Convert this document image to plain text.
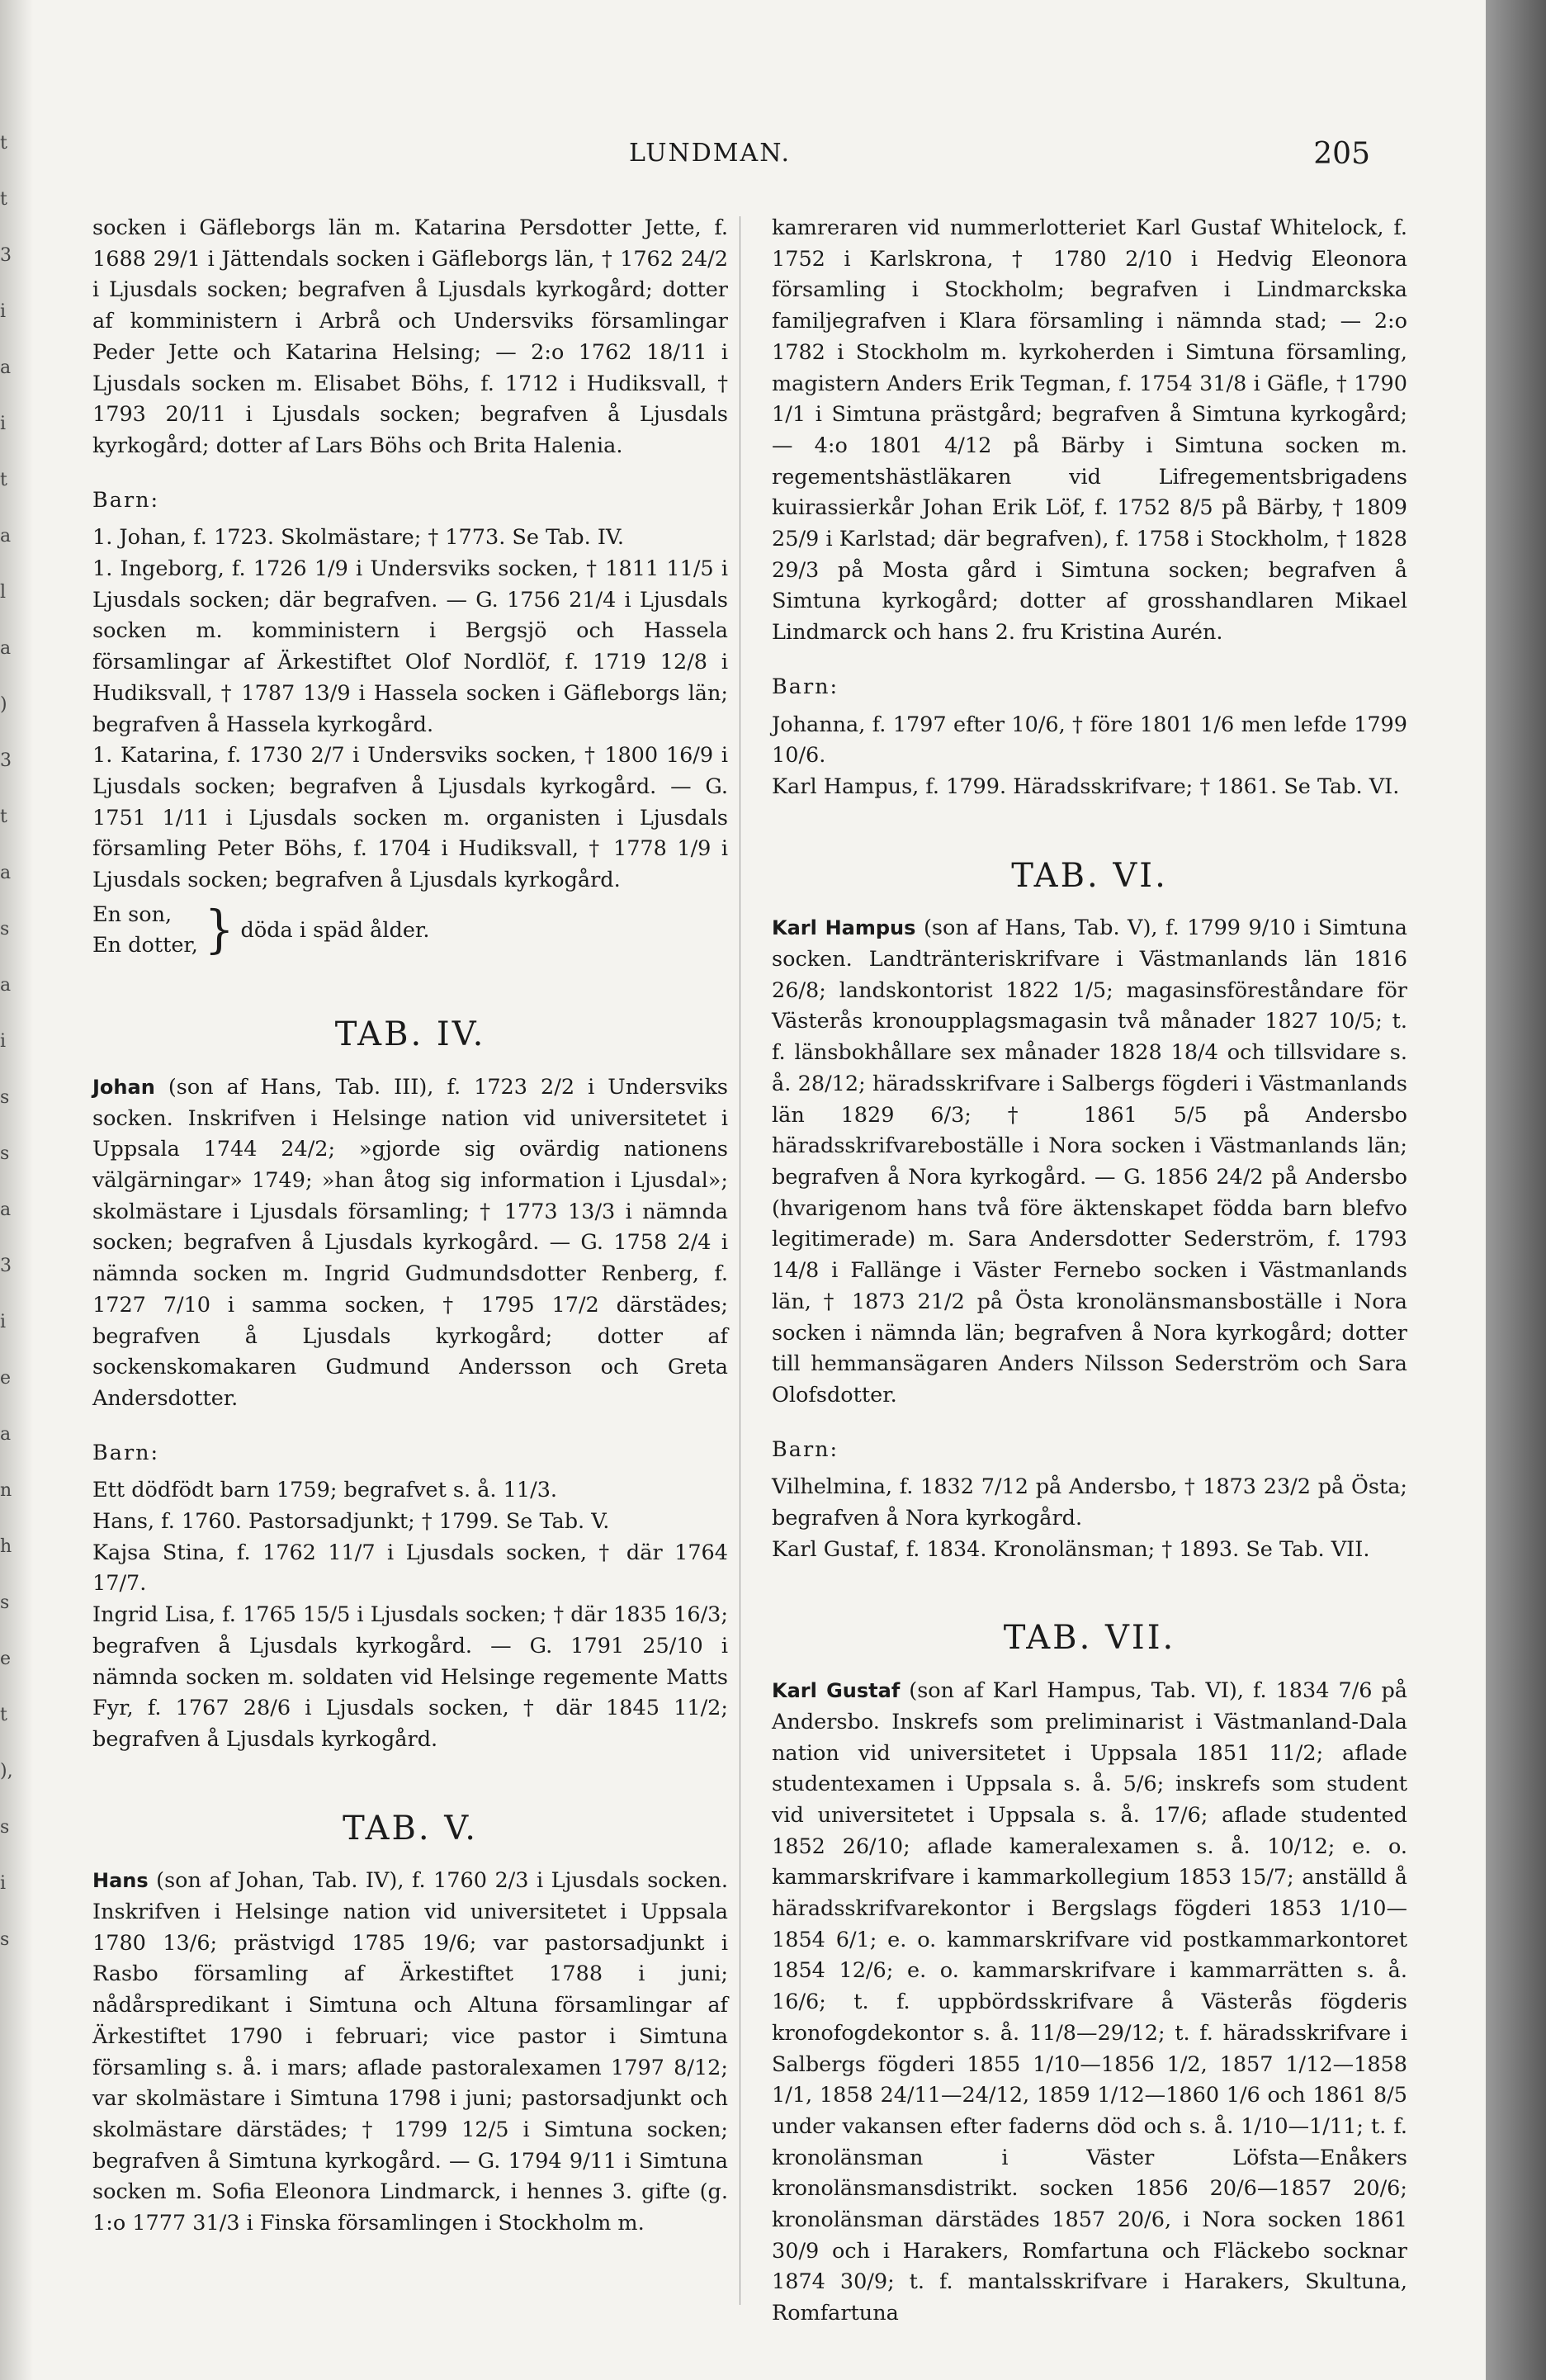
t
t
3
i
a
i
t
a
l
a
)
3
t
a
s
a
i
s
s
a
3
i
e
a
n
h
s
e
t
),
s
i
s
LUNDMAN.	205

socken i Gäfleborgs län m. Katarina Persdotter Jette, f. 1688 29/1 i Jättendals socken i Gäfleborgs län, † 1762 24/2 i Ljusdals socken; begrafven å Ljusdals kyrkogård; dotter af komministern i Arbrå och Undersviks församlingar Peder Jette och Katarina Helsing; — 2:o 1762 18/11 i Ljusdals socken m. Elisabet Böhs, f. 1712 i Hudiksvall, † 1793 20/11 i Ljusdals socken; begrafven å Ljusdals kyrkogård; dotter af Lars Böhs och Brita Halenia.

Barn:

1. Johan, f. 1723. Skolmästare; † 1773. Se Tab. IV.

1. Ingeborg, f. 1726 1/9 i Undersviks socken, † 1811 11/5 i Ljusdals socken; där begrafven. — G. 1756 21/4 i Ljusdals socken m. komministern i Bergsjö och Hassela församlingar af Ärkestiftet Olof Nordlöf, f. 1719 12/8 i Hudiksvall, † 1787 13/9 i Hassela socken i Gäfleborgs län; begrafven å Hassela kyrkogård.

1. Katarina, f. 1730 2/7 i Undersviks socken, † 1800 16/9 i Ljusdals socken; begrafven å Ljusdals kyrkogård. — G. 1751 1/11 i Ljusdals socken m. organisten i Ljusdals församling Peter Böhs, f. 1704 i Hudiksvall, † 1778 1/9 i Ljusdals socken; begrafven å Ljusdals kyrkogård.

En son,
En dotter, } döda i späd ålder.
TAB. IV.

Johan (son af Hans, Tab. III), f. 1723 2/2 i Undersviks socken. Inskrifven i Helsinge nation vid universitetet i Uppsala 1744 24/2; »gjorde sig ovärdig nationens välgärningar» 1749; »han åtog sig information i Ljusdal»; skolmästare i Ljusdals församling; † 1773 13/3 i nämnda socken; begrafven å Ljusdals kyrkogård. — G. 1758 2/4 i nämnda socken m. Ingrid Gudmundsdotter Renberg, f. 1727 7/10 i samma socken, † 1795 17/2 därstädes; begrafven å Ljusdals kyrkogård; dotter af sockenskomakaren Gudmund Andersson och Greta Andersdotter.

Barn:

Ett dödfödt barn 1759; begrafvet s. å. 11/3.

Hans, f. 1760. Pastorsadjunkt; † 1799. Se Tab. V.

Kajsa Stina, f. 1762 11/7 i Ljusdals socken, † där 1764 17/7.

Ingrid Lisa, f. 1765 15/5 i Ljusdals socken; † där 1835 16/3; begrafven å Ljusdals kyrkogård. — G. 1791 25/10 i nämnda socken m. soldaten vid Helsinge regemente Matts Fyr, f. 1767 28/6 i Ljusdals socken, † där 1845 11/2; begrafven å Ljusdals kyrkogård.

TAB. V.

Hans (son af Johan, Tab. IV), f. 1760 2/3 i Ljusdals socken. Inskrifven i Helsinge nation vid universitetet i Uppsala 1780 13/6; prästvigd 1785 19/6; var pastorsadjunkt i Rasbo församling af Ärkestiftet 1788 i juni; nådårspredikant i Simtuna och Altuna församlingar af Ärkestiftet 1790 i februari; vice pastor i Simtuna församling s. å. i mars; aflade pastoralexamen 1797 8/12; var skolmästare i Simtuna 1798 i juni; pastorsadjunkt och skolmästare därstädes; † 1799 12/5 i Simtuna socken; begrafven å Simtuna kyrkogård. — G. 1794 9/11 i Simtuna socken m. Sofia Eleonora Lindmarck, i hennes 3. gifte (g. 1:o 1777 31/3 i Finska församlingen i Stockholm m.

kamreraren vid nummerlotteriet Karl Gustaf Whitelock, f. 1752 i Karlskrona, † 1780 2/10 i Hedvig Eleonora församling i Stockholm; begrafven i Lindmarckska familjegrafven i Klara församling i nämnda stad; — 2:o 1782 i Stockholm m. kyrkoherden i Simtuna församling, magistern Anders Erik Tegman, f. 1754 31/8 i Gäfle, † 1790 1/1 i Simtuna prästgård; begrafven å Simtuna kyrkogård; — 4:o 1801 4/12 på Bärby i Simtuna socken m. regementshästläkaren vid Lifregementsbrigadens kuirassierkår Johan Erik Löf, f. 1752 8/5 på Bärby, † 1809 25/9 i Karlstad; där begrafven), f. 1758 i Stockholm, † 1828 29/3 på Mosta gård i Simtuna socken; begrafven å Simtuna kyrkogård; dotter af grosshandlaren Mikael Lindmarck och hans 2. fru Kristina Aurén.

Barn:

Johanna, f. 1797 efter 10/6, † före 1801 1/6 men lefde 1799 10/6.

Karl Hampus, f. 1799. Häradsskrifvare; † 1861. Se Tab. VI.

TAB. VI.

Karl Hampus (son af Hans, Tab. V), f. 1799 9/10 i Simtuna socken. Landtränteriskrifvare i Västmanlands län 1816 26/8; landskontorist 1822 1/5; magasinsföreståndare för Västerås kronoupplagsmagasin två månader 1827 10/5; t. f. länsbokhållare sex månader 1828 18/4 och tillsvidare s. å. 28/12; häradsskrifvare i Salbergs fögderi i Västmanlands län 1829 6/3; † 1861 5/5 på Andersbo häradsskrifvareboställe i Nora socken i Västmanlands län; begrafven å Nora kyrkogård. — G. 1856 24/2 på Andersbo (hvarigenom hans två före äktenskapet födda barn blefvo legitimerade) m. Sara Andersdotter Sederström, f. 1793 14/8 i Fallänge i Väster Fernebo socken i Västmanlands län, † 1873 21/2 på Östa kronolänsmansboställe i Nora socken i nämnda län; begrafven å Nora kyrkogård; dotter till hemmansägaren Anders Nilsson Sederström och Sara Olofsdotter.

Barn:

Vilhelmina, f. 1832 7/12 på Andersbo, † 1873 23/2 på Östa; begrafven å Nora kyrkogård.

Karl Gustaf, f. 1834. Kronolänsman; † 1893. Se Tab. VII.

TAB. VII.

Karl Gustaf (son af Karl Hampus, Tab. VI), f. 1834 7/6 på Andersbo. Inskrefs som preliminarist i Västmanland-Dala nation vid universitetet i Uppsala 1851 11/2; aflade studentexamen i Uppsala s. å. 5/6; inskrefs som student vid universitetet i Uppsala s. å. 17/6; aflade studented 1852 26/10; aflade kameralexamen s. å. 10/12; e. o. kammarskrifvare i kammarkollegium 1853 15/7; anställd å häradsskrifvarekontor i Bergslags fögderi 1853 1/10—1854 6/1; e. o. kammarskrifvare vid postkammarkontoret 1854 12/6; e. o. kammarskrifvare i kammarrätten s. å. 16/6; t. f. uppbördsskrifvare å Västerås fögderis kronofogdekontor s. å. 11/8—29/12; t. f. häradsskrifvare i Salbergs fögderi 1855 1/10—1856 1/2, 1857 1/12—1858 1/1, 1858 24/11—24/12, 1859 1/12—1860 1/6 och 1861 8/5 under vakansen efter faderns död och s. å. 1/10—1/11; t. f. kronolänsman i Väster Löfsta—Enåkers kronolänsmansdistrikt. socken 1856 20/6—1857 20/6; kronolänsman därstädes 1857 20/6, i Nora socken 1861 30/9 och i Harakers, Romfartuna och Fläckebo socknar 1874 30/9; t. f. mantalsskrifvare i Harakers, Skultuna, Romfartuna
